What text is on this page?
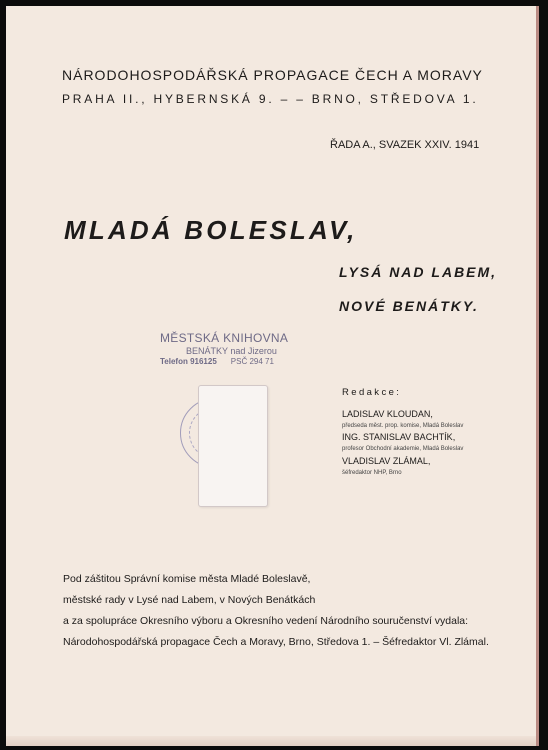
NÁRODOHOSPODÁŘSKÁ PROPAGACE ČECH A MORAVY
PRAHA II., HYBERNSKÁ 9. – – BRNO, STŘEDOVA 1.
ŘADA A., SVAZEK XXIV. 1941
MLADÁ BOLESLAV,
LYSÁ NAD LABEM,
NOVÉ BENÁTKY.
MĚSTSKÁ KNIHOVNA
BENÁTKY nad Jizerou
Telefon 916125 PSČ 294 71
Redakce:
LADISLAV KLOUDAN,
předseda měst. prop. komise, Mladá Boleslav
ING. STANISLAV BACHTÍK,
profesor Obchodní akademie, Mladá Boleslav
VLADISLAV ZLÁMAL,
šéfredaktor NHP, Brno
Pod záštitou Správní komise města Mladé Boleslavě,
městské rady v Lysé nad Labem, v Nových Benátkách
a za spolupráce Okresního výboru a Okresního vedení Národního souručenství vydala:
Národohospodářská propagace Čech a Moravy, Brno, Středova 1. – Šéfredaktor Vl. Zlámal.
